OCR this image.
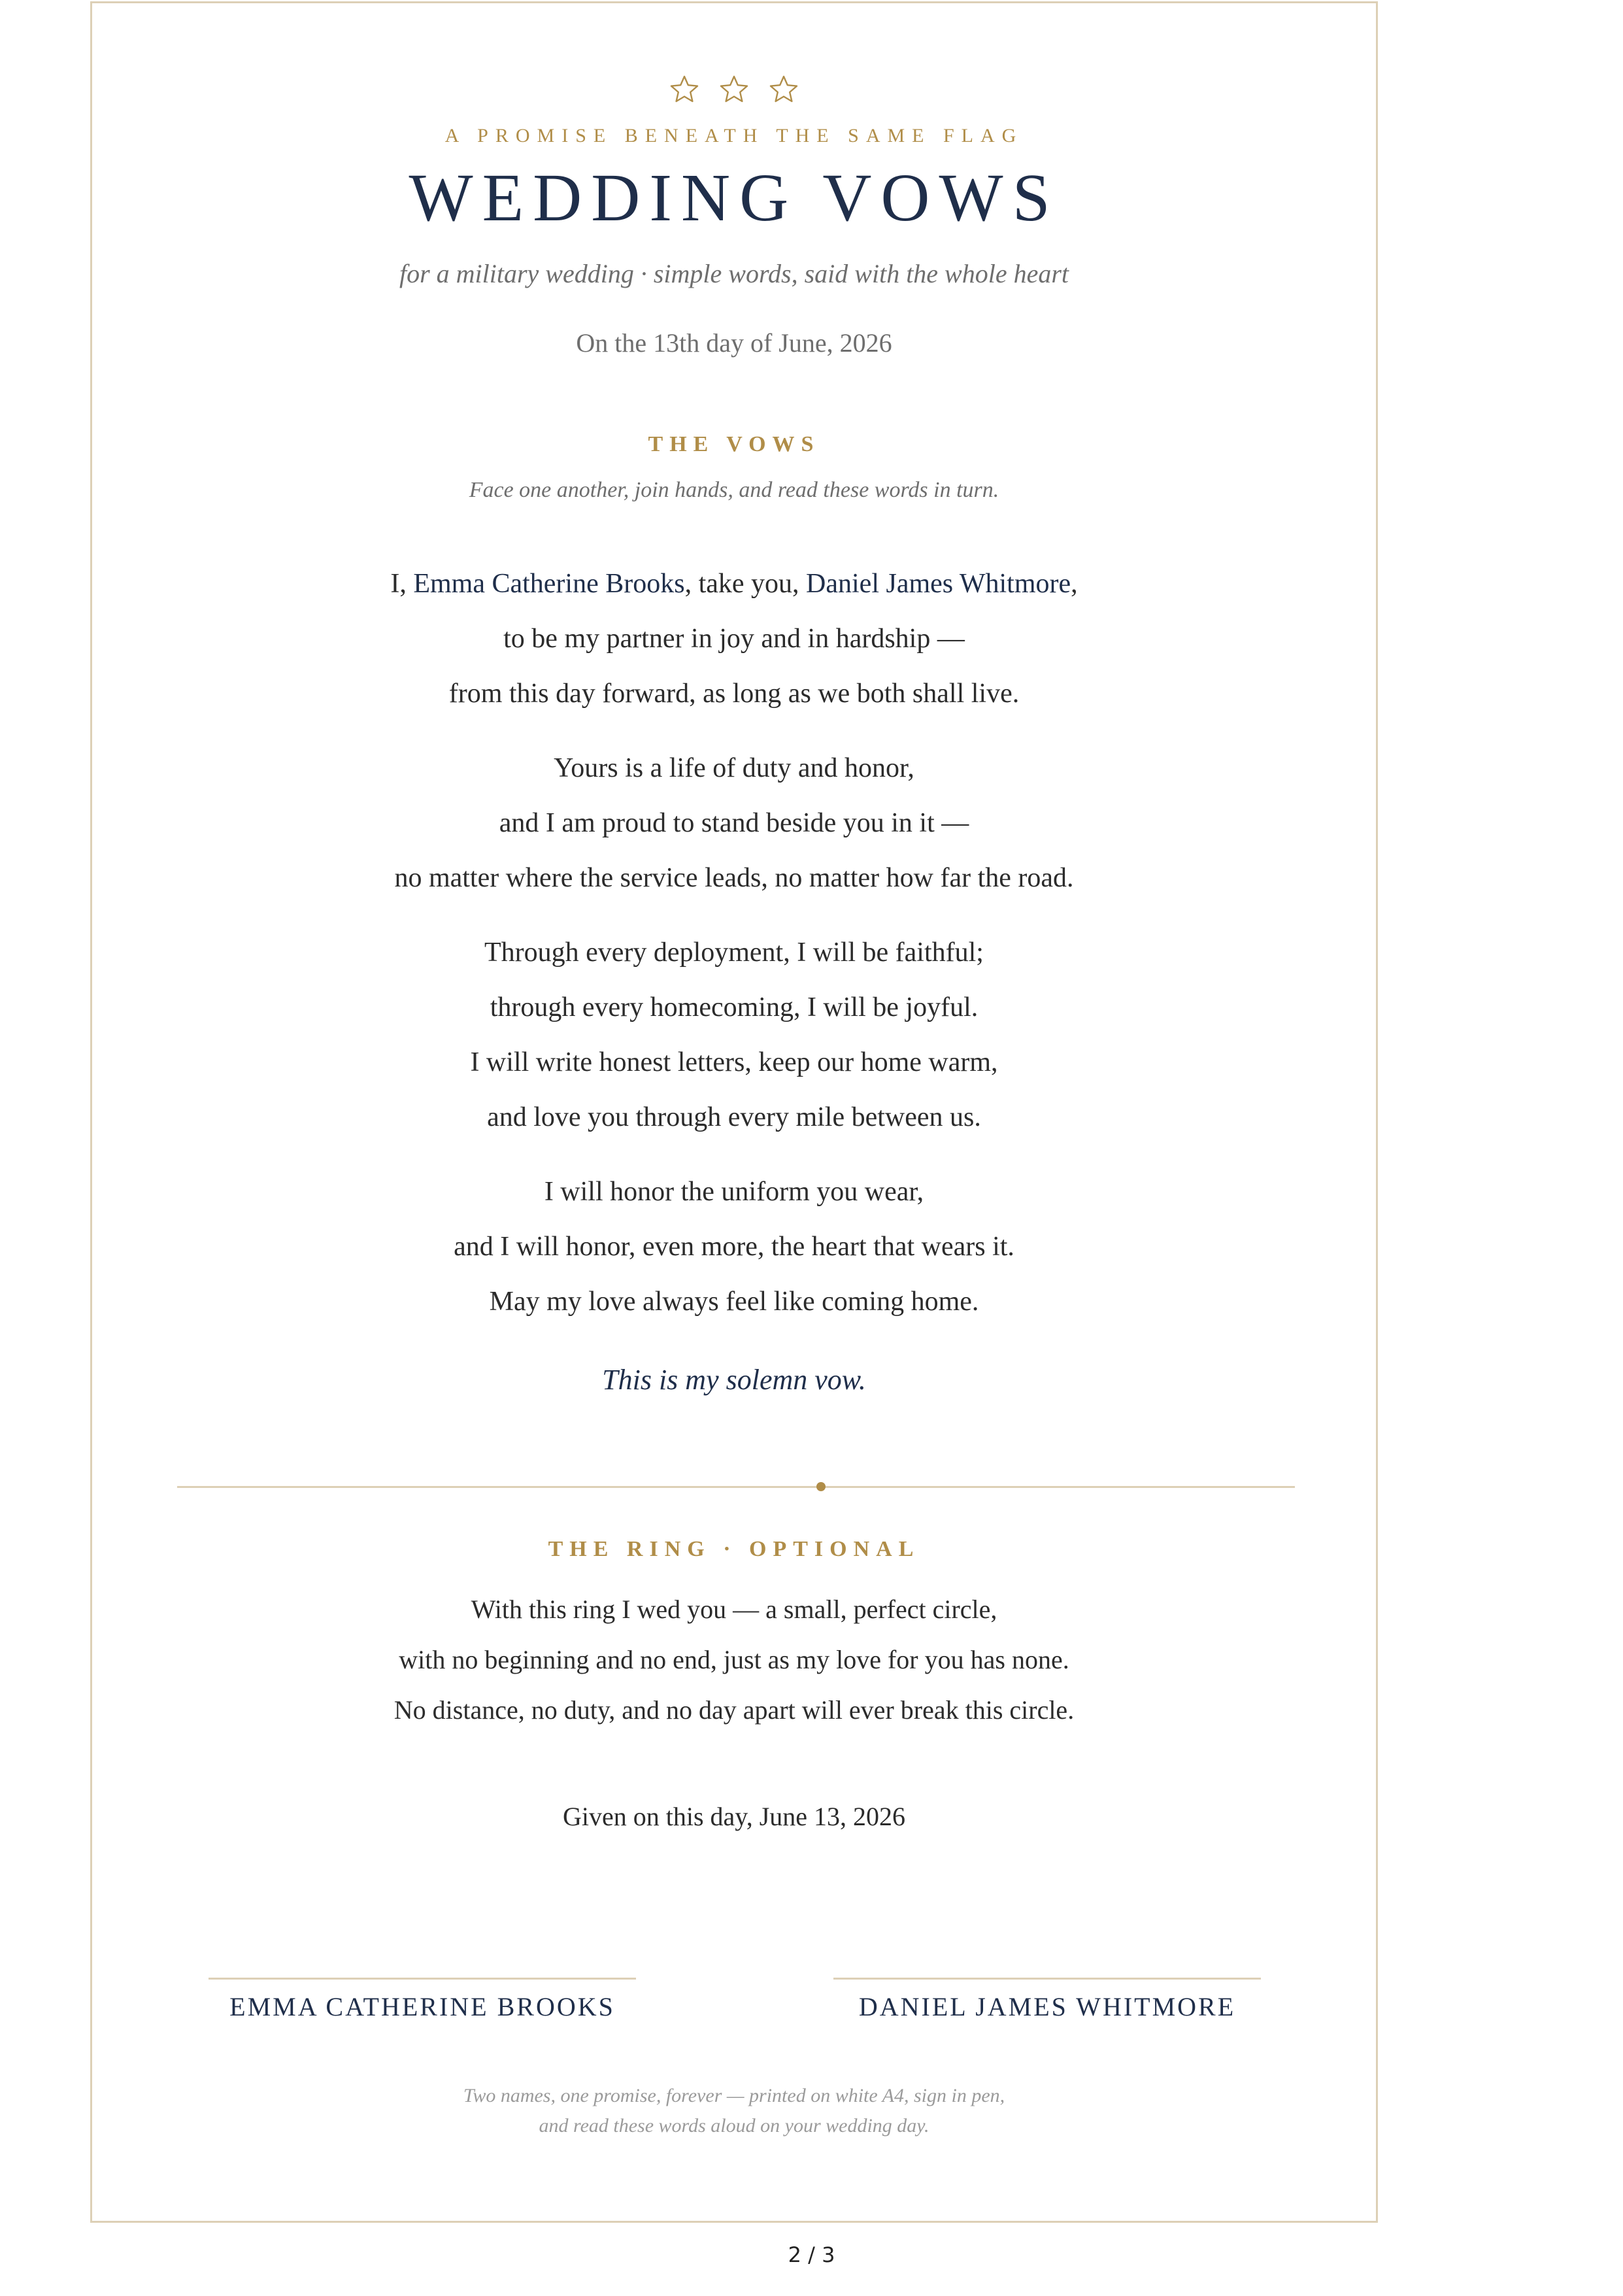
A PROMISE BENEATH THE SAME FLAG
WEDDING VOWS
for a military wedding · simple words, said with the whole heart
On the 13th day of June, 2026
THE VOWS
Face one another, join hands, and read these words in turn.
I, Emma Catherine Brooks, take you, Daniel James Whitmore,
to be my partner in joy and in hardship —
from this day forward, as long as we both shall live.
Yours is a life of duty and honor,
and I am proud to stand beside you in it —
no matter where the service leads, no matter how far the road.
Through every deployment, I will be faithful;
through every homecoming, I will be joyful.
I will write honest letters, keep our home warm,
and love you through every mile between us.
I will honor the uniform you wear,
and I will honor, even more, the heart that wears it.
May my love always feel like coming home.
This is my solemn vow.
THE RING · OPTIONAL
With this ring I wed you — a small, perfect circle,
with no beginning and no end, just as my love for you has none.
No distance, no duty, and no day apart will ever break this circle.
Given on this day, June 13, 2026
EMMA CATHERINE BROOKS	DANIEL JAMES WHITMORE
Two names, one promise, forever — printed on white A4, sign in pen,
and read these words aloud on your wedding day.
2 / 3
